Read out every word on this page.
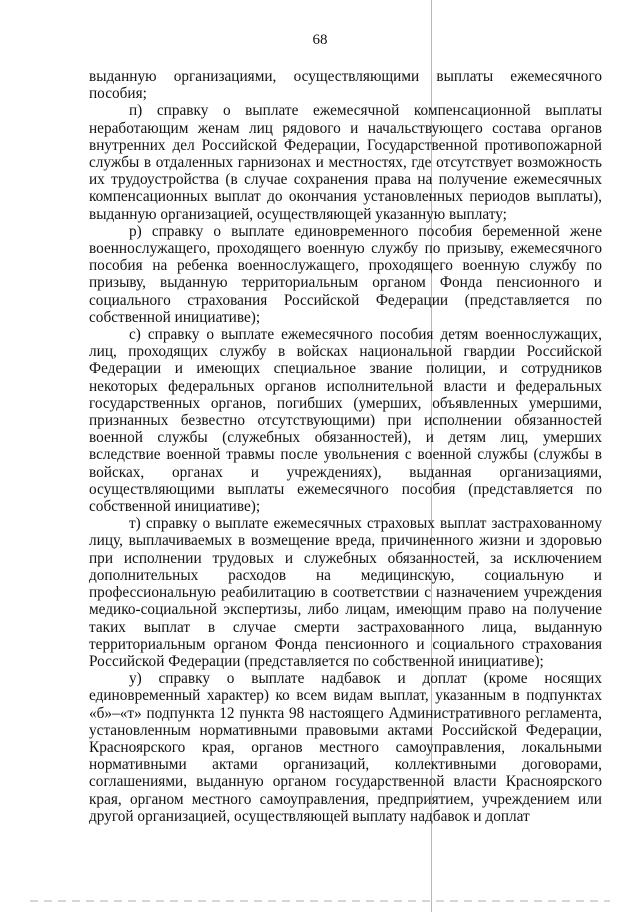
68

выданную организациями, осуществляющими выплаты ежемесячного пособия;

п) справку о выплате ежемесячной компенсационной выплаты неработающим женам лиц рядового и начальствующего состава органов внутренних дел Российской Федерации, Государственной противопожарной службы в отдаленных гарнизонах и местностях, где отсутствует возможность их трудоустройства (в случае сохранения права на получение ежемесячных компенсационных выплат до окончания установленных периодов выплаты), выданную организацией, осуществляющей указанную выплату;

р) справку о выплате единовременного пособия беременной жене военнослужащего, проходящего военную службу по призыву, ежемесячного пособия на ребенка военнослужащего, проходящего военную службу по призыву, выданную территориальным органом Фонда пенсионного и социального страхования Российской Федерации (представляется по собственной инициативе);

с) справку о выплате ежемесячного пособия детям военнослужащих, лиц, проходящих службу в войсках национальной гвардии Российской Федерации и имеющих специальное звание полиции, и сотрудников некоторых федеральных органов исполнительной власти и федеральных государственных органов, погибших (умерших, объявленных умершими, признанных безвестно отсутствующими) при исполнении обязанностей военной службы (служебных обязанностей), и детям лиц, умерших вследствие военной травмы после увольнения с военной службы (службы в войсках, органах и учреждениях), выданная организациями, осуществляющими выплаты ежемесячного пособия (представляется по собственной инициативе);

т) справку о выплате ежемесячных страховых выплат застрахованному лицу, выплачиваемых в возмещение вреда, причиненного жизни и здоровью при исполнении трудовых и служебных обязанностей, за исключением дополнительных расходов на медицинскую, социальную и профессиональную реабилитацию в соответствии с назначением учреждения медико-социальной экспертизы, либо лицам, имеющим право на получение таких выплат в случае смерти застрахованного лица, выданную территориальным органом Фонда пенсионного и социального страхования Российской Федерации (представляется по собственной инициативе);

у) справку о выплате надбавок и доплат (кроме носящих единовременный характер) ко всем видам выплат, указанным в подпунктах «б»–«т» подпункта 12 пункта 98 настоящего Административного регламента, установленным нормативными правовыми актами Российской Федерации, Красноярского края, органов местного самоуправления, локальными нормативными актами организаций, коллективными договорами, соглашениями, выданную органом государственной власти Красноярского края, органом местного самоуправления, предприятием, учреждением или другой организацией, осуществляющей выплату надбавок и доплат
